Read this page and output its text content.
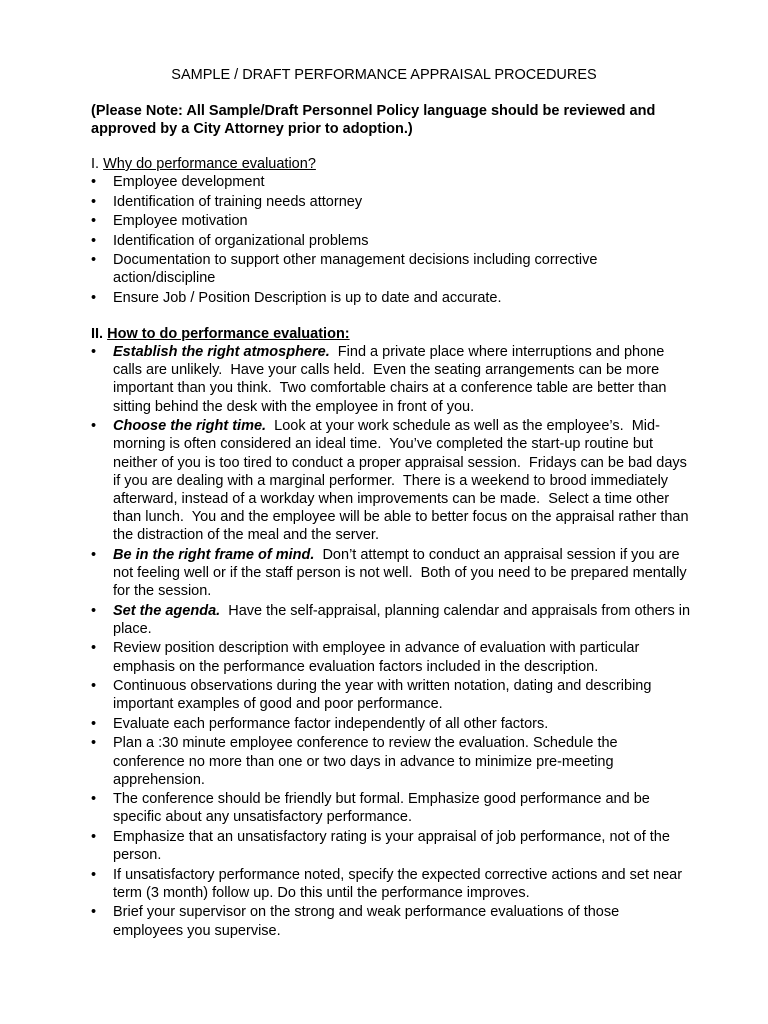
SAMPLE / DRAFT PERFORMANCE APPRAISAL PROCEDURES
(Please Note: All Sample/Draft Personnel Policy language should be reviewed and approved by a City Attorney prior to adoption.)
I. Why do performance evaluation?
•	Employee development
•	Identification of training needs attorney
•	Employee motivation
•	Identification of organizational problems
•	Documentation to support other management decisions including corrective action/discipline
•	Ensure Job / Position Description is up to date and accurate.
II. How to do performance evaluation:
•	Establish the right atmosphere.  Find a private place where interruptions and phone calls are unlikely.  Have your calls held.  Even the seating arrangements can be more important than you think.  Two comfortable chairs at a conference table are better than sitting behind the desk with the employee in front of you.
•	Choose the right time.  Look at your work schedule as well as the employee’s.  Mid-morning is often considered an ideal time.  You’ve completed the start-up routine but neither of you is too tired to conduct a proper appraisal session.  Fridays can be bad days if you are dealing with a marginal performer.  There is a weekend to brood immediately afterward, instead of a workday when improvements can be made.  Select a time other than lunch.  You and the employee will be able to better focus on the appraisal rather than the distraction of the meal and the server.
•	Be in the right frame of mind.  Don’t attempt to conduct an appraisal session if you are not feeling well or if the staff person is not well.  Both of you need to be prepared mentally for the session.
•	Set the agenda.  Have the self-appraisal, planning calendar and appraisals from others in place.
•	Review position description with employee in advance of evaluation with particular emphasis on the performance evaluation factors included in the description.
•	Continuous observations during the year with written notation, dating and describing important examples of good and poor performance.
•	Evaluate each performance factor independently of all other factors.
•	Plan a :30 minute employee conference to review the evaluation. Schedule the conference no more than one or two days in advance to minimize pre-meeting apprehension.
•	The conference should be friendly but formal. Emphasize good performance and be specific about any unsatisfactory performance.
•	Emphasize that an unsatisfactory rating is your appraisal of job performance, not of the person.
•	If unsatisfactory performance noted, specify the expected corrective actions and set near term (3 month) follow up. Do this until the performance improves.
•	Brief your supervisor on the strong and weak performance evaluations of those employees you supervise.
